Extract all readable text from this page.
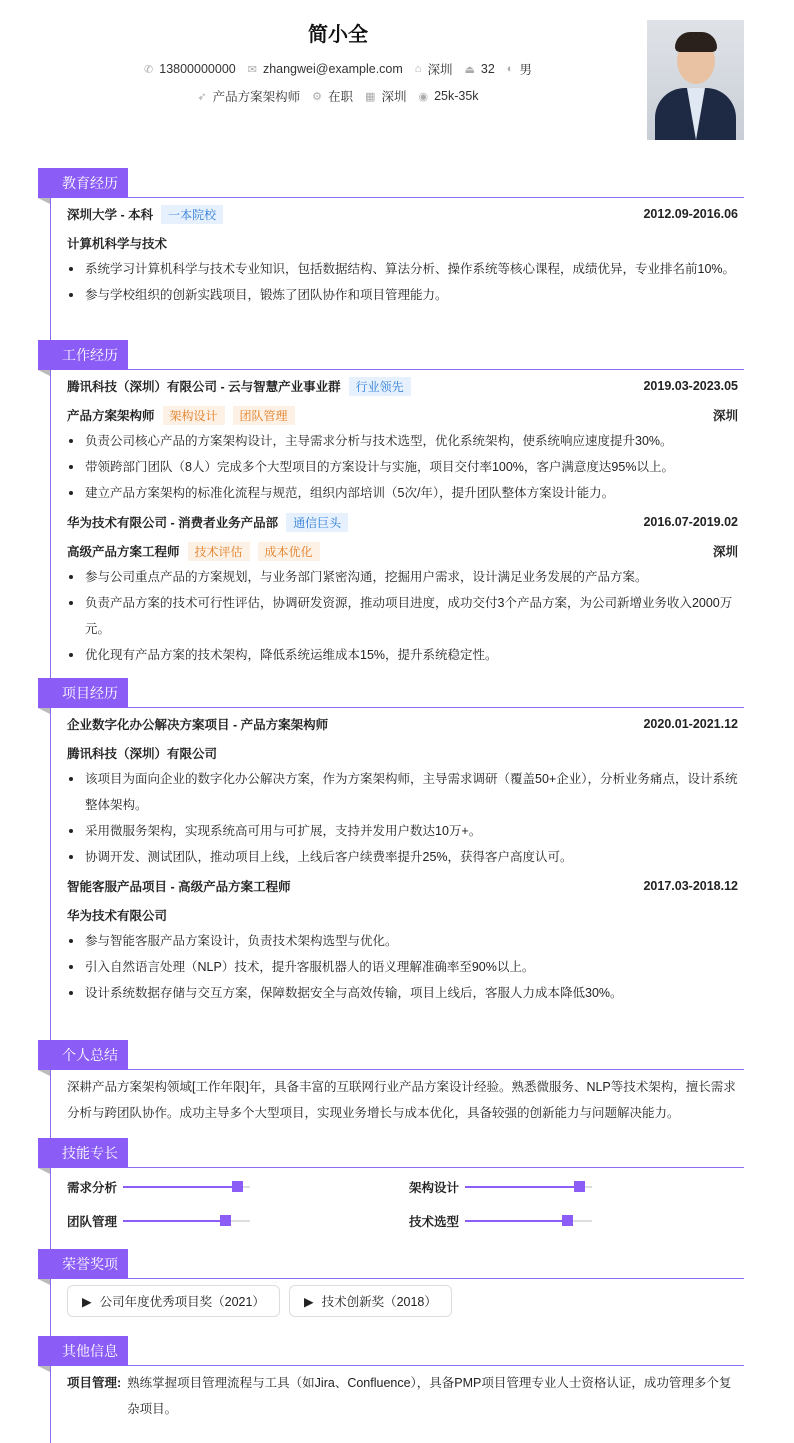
简小全
✆ 13800000000 ✉ zhangwei@example.com ⌂ 深圳 ⏏ 32 ◐ 男
➶ 产品方案架构师 ⚙ 在职 ▦ 深圳 ◉ 25k-35k
教育经历
深圳大学 - 本科	一本院校	2012.09-2016.06
计算机科学与技术
系统学习计算机科学与技术专业知识，包括数据结构、算法分析、操作系统等核心课程，成绩优异，专业排名前10%。
参与学校组织的创新实践项目，锻炼了团队协作和项目管理能力。
工作经历
腾讯科技（深圳）有限公司 - 云与智慧产业事业群	行业领先	2019.03-2023.05
产品方案架构师	架构设计	团队管理	深圳
负责公司核心产品的方案架构设计，主导需求分析与技术选型，优化系统架构，使系统响应速度提升30%。
带领跨部门团队（8人）完成多个大型项目的方案设计与实施，项目交付率100%，客户满意度达95%以上。
建立产品方案架构的标准化流程与规范，组织内部培训（5次/年），提升团队整体方案设计能力。
华为技术有限公司 - 消费者业务产品部	通信巨头	2016.07-2019.02
高级产品方案工程师	技术评估	成本优化	深圳
参与公司重点产品的方案规划，与业务部门紧密沟通，挖掘用户需求，设计满足业务发展的产品方案。
负责产品方案的技术可行性评估，协调研发资源，推动项目进度，成功交付3个产品方案，为公司新增业务收入2000万元。
优化现有产品方案的技术架构，降低系统运维成本15%，提升系统稳定性。
项目经历
企业数字化办公解决方案项目 - 产品方案架构师	2020.01-2021.12
腾讯科技（深圳）有限公司
该项目为面向企业的数字化办公解决方案，作为方案架构师，主导需求调研（覆盖50+企业），分析业务痛点，设计系统整体架构。
采用微服务架构，实现系统高可用与可扩展，支持并发用户数达10万+。
协调开发、测试团队，推动项目上线，上线后客户续费率提升25%，获得客户高度认可。
智能客服产品项目 - 高级产品方案工程师	2017.03-2018.12
华为技术有限公司
参与智能客服产品方案设计，负责技术架构选型与优化。
引入自然语言处理（NLP）技术，提升客服机器人的语义理解准确率至90%以上。
设计系统数据存储与交互方案，保障数据安全与高效传输，项目上线后，客服人力成本降低30%。
个人总结
深耕产品方案架构领域[工作年限]年，具备丰富的互联网行业产品方案设计经验。熟悉微服务、NLP等技术架构，擅长需求分析与跨团队协作。成功主导多个大型项目，实现业务增长与成本优化，具备较强的创新能力与问题解决能力。
技能专长
需求分析	架构设计
团队管理	技术选型
荣誉奖项
▶ 公司年度优秀项目奖（2021）	▶ 技术创新奖（2018）
其他信息
项目管理: 熟练掌握项目管理流程与工具（如Jira、Confluence），具备PMP项目管理专业人士资格认证，成功管理多个复杂项目。
